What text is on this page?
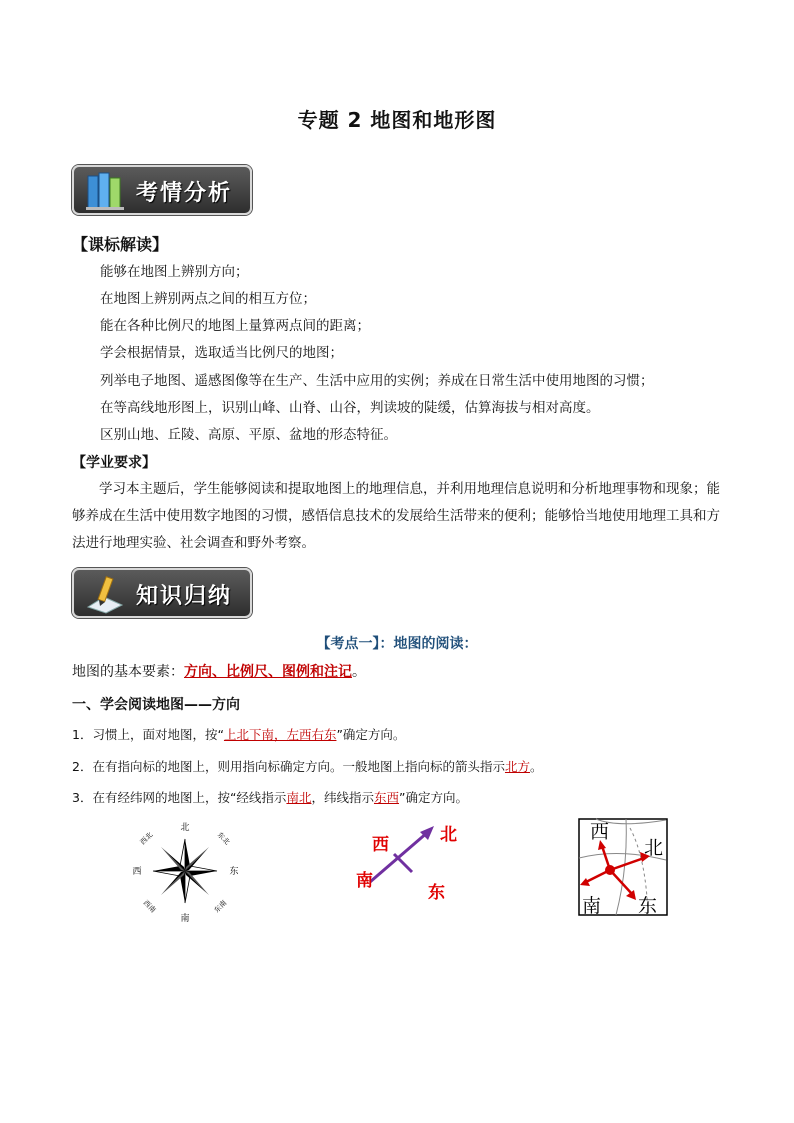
专题 2 地图和地形图
考情分析
【课标解读】
能够在地图上辨别方向；
在地图上辨别两点之间的相互方位；
能在各种比例尺的地图上量算两点间的距离；
学会根据情景，选取适当比例尺的地图；
列举电子地图、遥感图像等在生产、生活中应用的实例；养成在日常生活中使用地图的习惯；
在等高线地形图上，识别山峰、山脊、山谷，判读坡的陡缓，估算海拔与相对高度。
区别山地、丘陵、高原、平原、盆地的形态特征。
【学业要求】
学习本主题后，学生能够阅读和提取地图上的地理信息，并利用地理信息说明和分析地理事物和现象；能够养成在生活中使用数字地图的习惯，感悟信息技术的发展给生活带来的便利；能够恰当地使用地理工具和方法进行地理实验、社会调查和野外考察。
知识归纳
【考点一】：地图的阅读：
地图的基本要素：方向、比例尺、图例和注记。
一、学会阅读地图——方向
1．习惯上，面对地图，按“上北下南，左西右东”确定方向。
2．在有指向标的地图上，则用指向标确定方向。一般地图上指向标的箭头指示北方。
3．在有经纬网的地图上，按“经线指示南北，纬线指示东西”确定方向。
北
南
东
西
东北
西北
东南
西南
北
西
东
南
西
北
南 东
